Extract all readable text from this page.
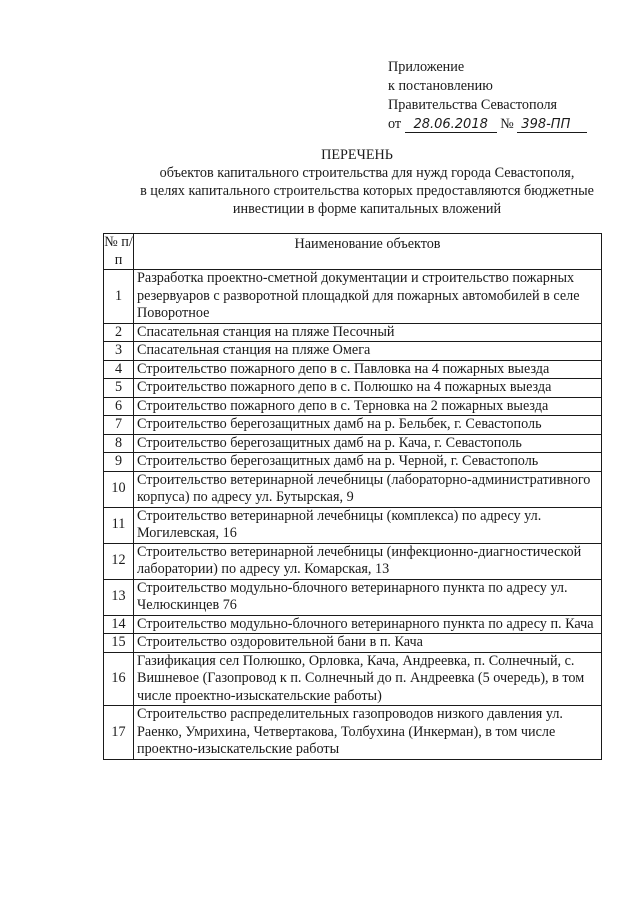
Приложение
к постановлению
Правительства Севастополя
от 28.06.2018 № 398-ПП
ПЕРЕЧЕНЬ
объектов капитального строительства для нужд города Севастополя,
в целях капитального строительства которых предоставляются бюджетные
инвестиции в форме капитальных вложений
№ п/п	Наименование объектов
1	Разработка проектно-сметной документации и строительство пожарных резервуаров с разворотной площадкой для пожарных автомобилей в селе Поворотное
2	Спасательная станция на пляже Песочный
3	Спасательная станция на пляже Омега
4	Строительство пожарного депо в с. Павловка на 4 пожарных выезда
5	Строительство пожарного депо в с. Полюшко на 4 пожарных выезда
6	Строительство пожарного депо в с. Терновка на 2 пожарных выезда
7	Строительство берегозащитных дамб на р. Бельбек, г. Севастополь
8	Строительство берегозащитных дамб на р. Кача, г. Севастополь
9	Строительство берегозащитных дамб на р. Черной, г. Севастополь
10	Строительство ветеринарной лечебницы (лабораторно-административного корпуса) по адресу ул. Бутырская, 9
11	Строительство ветеринарной лечебницы (комплекса) по адресу ул. Могилевская, 16
12	Строительство ветеринарной лечебницы (инфекционно-диагностической лаборатории) по адресу ул. Комарская, 13
13	Строительство модульно-блочного ветеринарного пункта по адресу ул. Челюскинцев 76
14	Строительство модульно-блочного ветеринарного пункта по адресу п. Кача
15	Строительство оздоровительной бани в п. Кача
16	Газификация сел Полюшко, Орловка, Кача, Андреевка, п. Солнечный, с. Вишневое (Газопровод к п. Солнечный до п. Андреевка (5 очередь), в том числе проектно-изыскательские работы)
17	Строительство распределительных газопроводов низкого давления ул. Раенко, Умрихина, Четвертакова, Толбухина (Инкерман), в том числе проектно-изыскательские работы
